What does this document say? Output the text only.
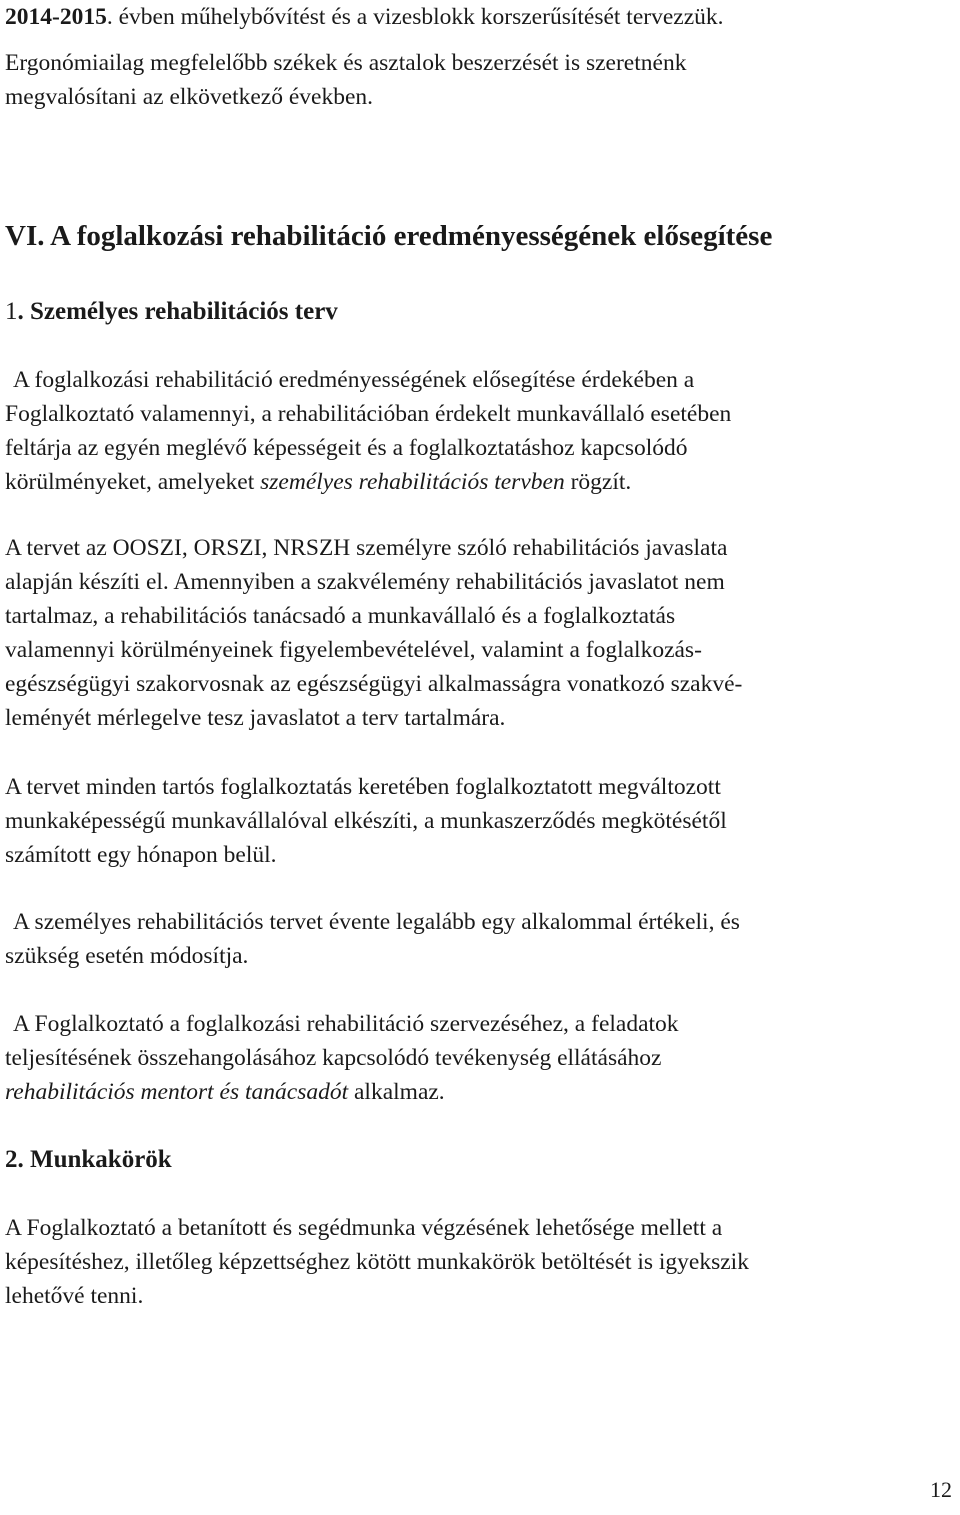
2014-2015. évben műhelybővítést és a vizesblokk korszerűsítését tervezzük.
Ergonómiailag megfelelőbb székek és asztalok beszerzését is szeretnénk
megvalósítani az elkövetkező években.
VI. A foglalkozási rehabilitáció eredményességének elősegítése
1. Személyes rehabilitációs terv
A foglalkozási rehabilitáció eredményességének elősegítése érdekében a
Foglalkoztató valamennyi, a rehabilitációban érdekelt munkavállaló esetében
feltárja az egyén meglévő képességeit és a foglalkoztatáshoz kapcsolódó
körülményeket, amelyeket személyes rehabilitációs tervben rögzít.
A tervet az OOSZI, ORSZI, NRSZH személyre szóló rehabilitációs javaslata
alapján készíti el. Amennyiben a szakvélemény rehabilitációs javaslatot nem
tartalmaz, a rehabilitációs tanácsadó a munkavállaló és a foglalkoztatás
valamennyi körülményeinek figyelembevételével, valamint a foglalkozás-
egészségügyi szakorvosnak az egészségügyi alkalmasságra vonatkozó szakvé-
leményét mérlegelve tesz javaslatot a terv tartalmára.
A tervet minden tartós foglalkoztatás keretében foglalkoztatott megváltozott
munkaképességű munkavállalóval elkészíti, a munkaszerződés megkötésétől
számított egy hónapon belül.
A személyes rehabilitációs tervet évente legalább egy alkalommal értékeli, és
szükség esetén módosítja.
A Foglalkoztató a foglalkozási rehabilitáció szervezéséhez, a feladatok
teljesítésének összehangolásához kapcsolódó tevékenység ellátásához
rehabilitációs mentort és tanácsadót alkalmaz.
2. Munkakörök
A Foglalkoztató a betanított és segédmunka végzésének lehetősége mellett a
képesítéshez, illetőleg képzettséghez kötött munkakörök betöltését is igyekszik
lehetővé tenni.
12
